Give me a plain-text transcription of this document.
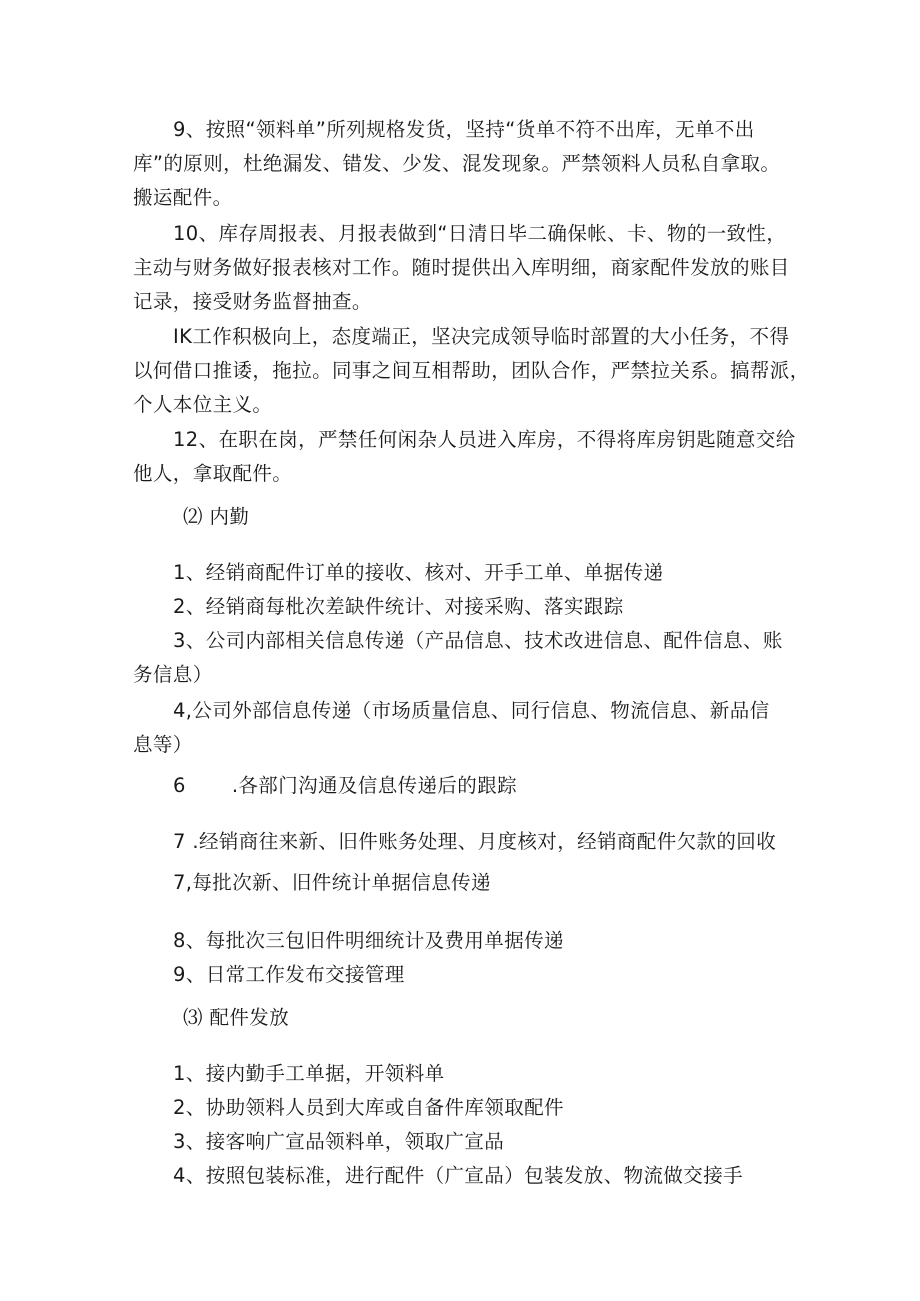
9、按照“领料单”所列规格发货，坚持“货单不符不出库，无单不出
库”的原则，杜绝漏发、错发、少发、混发现象。严禁领料人员私自拿取。
搬运配件。
10、库存周报表、月报表做到“日清日毕二确保帐、卡、物的一致性，
主动与财务做好报表核对工作。随时提供出入库明细，商家配件发放的账目
记录，接受财务监督抽查。
IK工作积极向上，态度端正，坚决完成领导临时部置的大小任务，不得
以何借口推诿，拖拉。同事之间互相帮助，团队合作，严禁拉关系。搞帮派，
个人本位主义。
12、在职在岗，严禁任何闲杂人员进入库房，不得将库房钥匙随意交给
他人，拿取配件。
⑵ 内勤
1、经销商配件订单的接收、核对、开手工单、单据传递
2、经销商每枇次差缺件统计、对接采购、落实跟踪
3、公司内部相关信息传递（产品信息、技术改进信息、配件信息、账
务信息）
4,公司外部信息传递（市场质量信息、同行信息、物流信息、新品信
息等）
6 .各部门沟通及信息传递后的跟踪
7 .经销商往来新、旧件账务处理、月度核对，经销商配件欠款的回收
7,每批次新、旧件统计单据信息传递
8、每批次三包旧件明细统计及费用单据传递
9、日常工作发布交接管理
⑶ 配件发放
1、接内勤手工单据，开领料单
2、协助领料人员到大库或自备件库领取配件
3、接客响广宣品领料单，领取广宣品
4、按照包装标准，进行配件（广宣品）包装发放、物流做交接手
